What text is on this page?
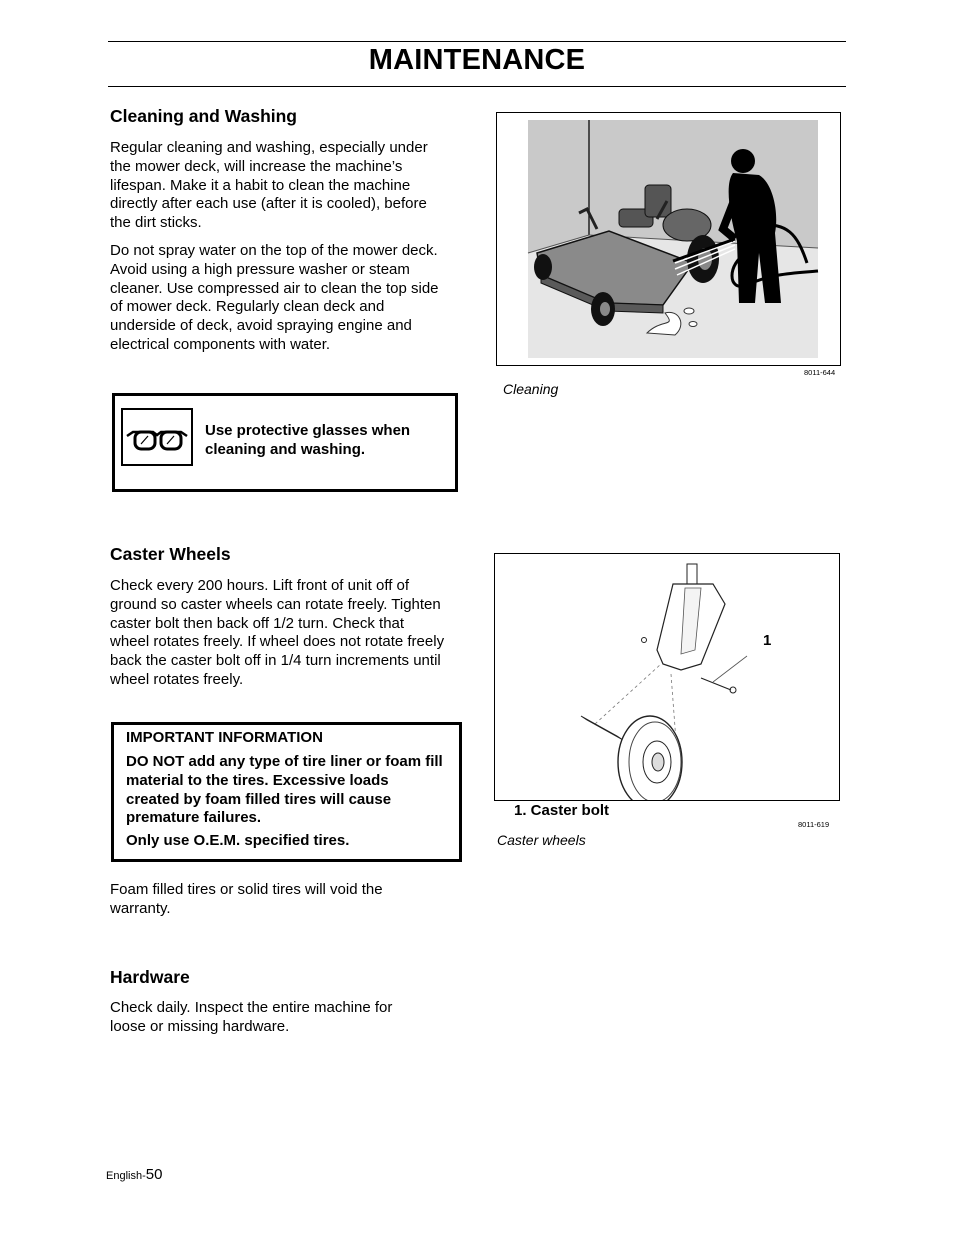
MAINTENANCE
Cleaning and Washing

Regular cleaning and washing, especially under the mower deck, will increase the machine’s lifespan. Make it a habit to clean the machine directly after each use (after it is cooled), before the dirt sticks.

Do not spray water on the top of the mower deck. Avoid using a high pressure washer or steam cleaner. Use compressed air to clean the top side of mower deck. Regularly clean deck and underside of deck, avoid spraying engine and electrical components with water.

Use protective glasses when cleaning and washing.
8011-644
Cleaning
Caster Wheels

Check every 200 hours. Lift front of unit off of ground so caster wheels can rotate freely. Tighten caster bolt then back off 1/2 turn. Check that wheel rotates freely. If wheel does not rotate freely back the caster bolt off in 1/4 turn increments until wheel rotates freely.

IMPORTANT INFORMATION

DO NOT add any type of tire liner or foam fill material to the tires. Excessive loads created by foam filled tires will cause premature failures.

Only use O.E.M. specified tires.

Foam filled tires or solid tires will void the warranty.

1
1. Caster bolt
8011-619
Caster wheels
Hardware

Check daily. Inspect the entire machine for loose or missing hardware.

English-50
